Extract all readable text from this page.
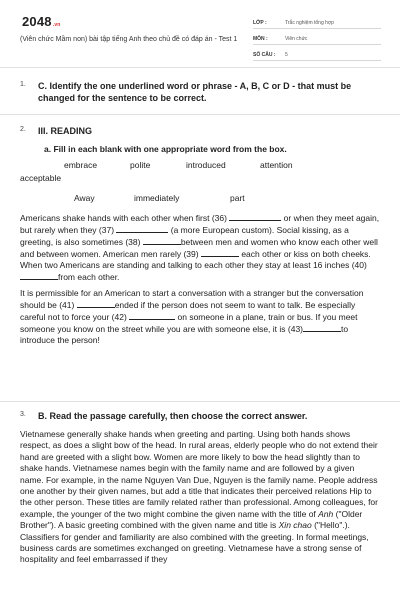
2048.vn
(Viên chức Mầm non) bài tập tiếng Anh theo chủ đề có đáp án - Test 1
LỚP :	Trắc nghiệm tổng hợp
MÔN :	Viên chức
SỐ CÂU :	5
1. C. Identify the one underlined word or phrase - A, B, C or D - that must be changed for the sentence to be correct.
2. III. READING
a. Fill in each blank with one appropriate word from the box.
embrace	polite	introduced	attention
acceptable
Away	immediately	part
Americans shake hands with each other when first (36)	or when they meet again, but rarely when they (37)	(a more European custom). Social kissing, as a greeting, is also sometimes (38)	between men and women who know each other well and between women. American men rarely (39)	each other or kiss on both cheeks. When two Americans are standing and talking to each other they stay at least 16 inches (40) from each other.
It is permissible for an American to start a conversation with a stranger but the conversation should be (41)	ended if the person does not seem to want to talk. Be especially careful not to force your (42)	on someone in a plane, train or bus. If you meet someone you know on the street while you are with someone else, it is (43)	to introduce the person!
3. B. Read the passage carefully, then choose the correct answer.
Vietnamese generally shake hands when greeting and parting. Using both hands shows respect, as does a slight bow of the head. In rural areas, elderly people who do not extend their hand are greeted with a slight bow. Women are more likely to bow the head slightly than to shake hands. Vietnamese names begin with the family name and are followed by a given name. For example, in the name Nguyen Van Due, Nguyen is the family name. People address one another by their given names, but add a title that indicates their perceived relations Hip to the other person. These titles are family related rather than professional. Among colleagues, for example, the younger of the two might combine the given name with the title of Anh ("Older Brother"). A basic greeting combined with the given name and title is Xin chao ("Hello".). Classifiers for gender and familiarity are also combined with the greeting. In formal meetings, business cards are sometimes exchanged on greeting. Vietnamese have a strong sense of hospitality and feel embarrassed if they
